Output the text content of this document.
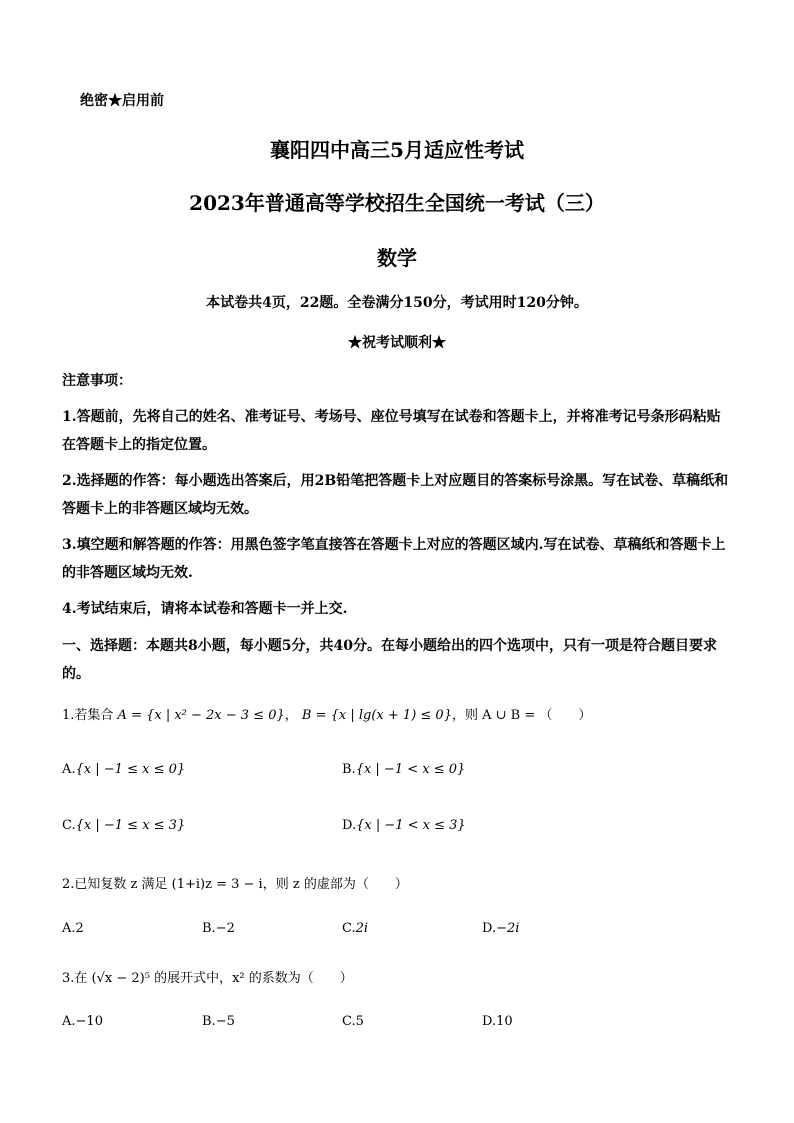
绝密★启用前
襄阳四中高三5月适应性考试
2023年普通高等学校招生全国统一考试（三）
数学
本试卷共4页，22题。全卷满分150分，考试用时120分钟。
★祝考试顺利★
注意事项：
1.答题前，先将自己的姓名、准考证号、考场号、座位号填写在试卷和答题卡上，并将准考记号条形码粘贴在答题卡上的指定位置。
2.选择题的作答：每小题选出答案后，用2B铅笔把答题卡上对应题目的答案标号涂黑。写在试卷、草稿纸和答题卡上的非答题区域均无效。
3.填空题和解答题的作答：用黑色签字笔直接答在答题卡上对应的答题区域内.写在试卷、草稿纸和答题卡上的非答题区域均无效.
4.考试结束后，请将本试卷和答题卡一并上交.
一、选择题：本题共8小题，每小题5分，共40分。在每小题给出的四个选项中，只有一项是符合题目要求的。
1.若集合 A = {x | x² − 2x − 3 ≤ 0}， B = {x | lg(x + 1) ≤ 0}，则 A ∪ B = （　　）
A.{x | −1 ≤ x ≤ 0}	B.{x | −1 < x ≤ 0}
C.{x | −1 ≤ x ≤ 3}	D.{x | −1 < x ≤ 3}
2.已知复数 z 满足 (1+i)z = 3 − i，则 z 的虚部为（　　）
A.2	B.−2	C.2i	D.−2i
3.在 (√x − 2)⁵ 的展开式中，x² 的系数为（　　）
A.−10	B.−5	C.5	D.10
